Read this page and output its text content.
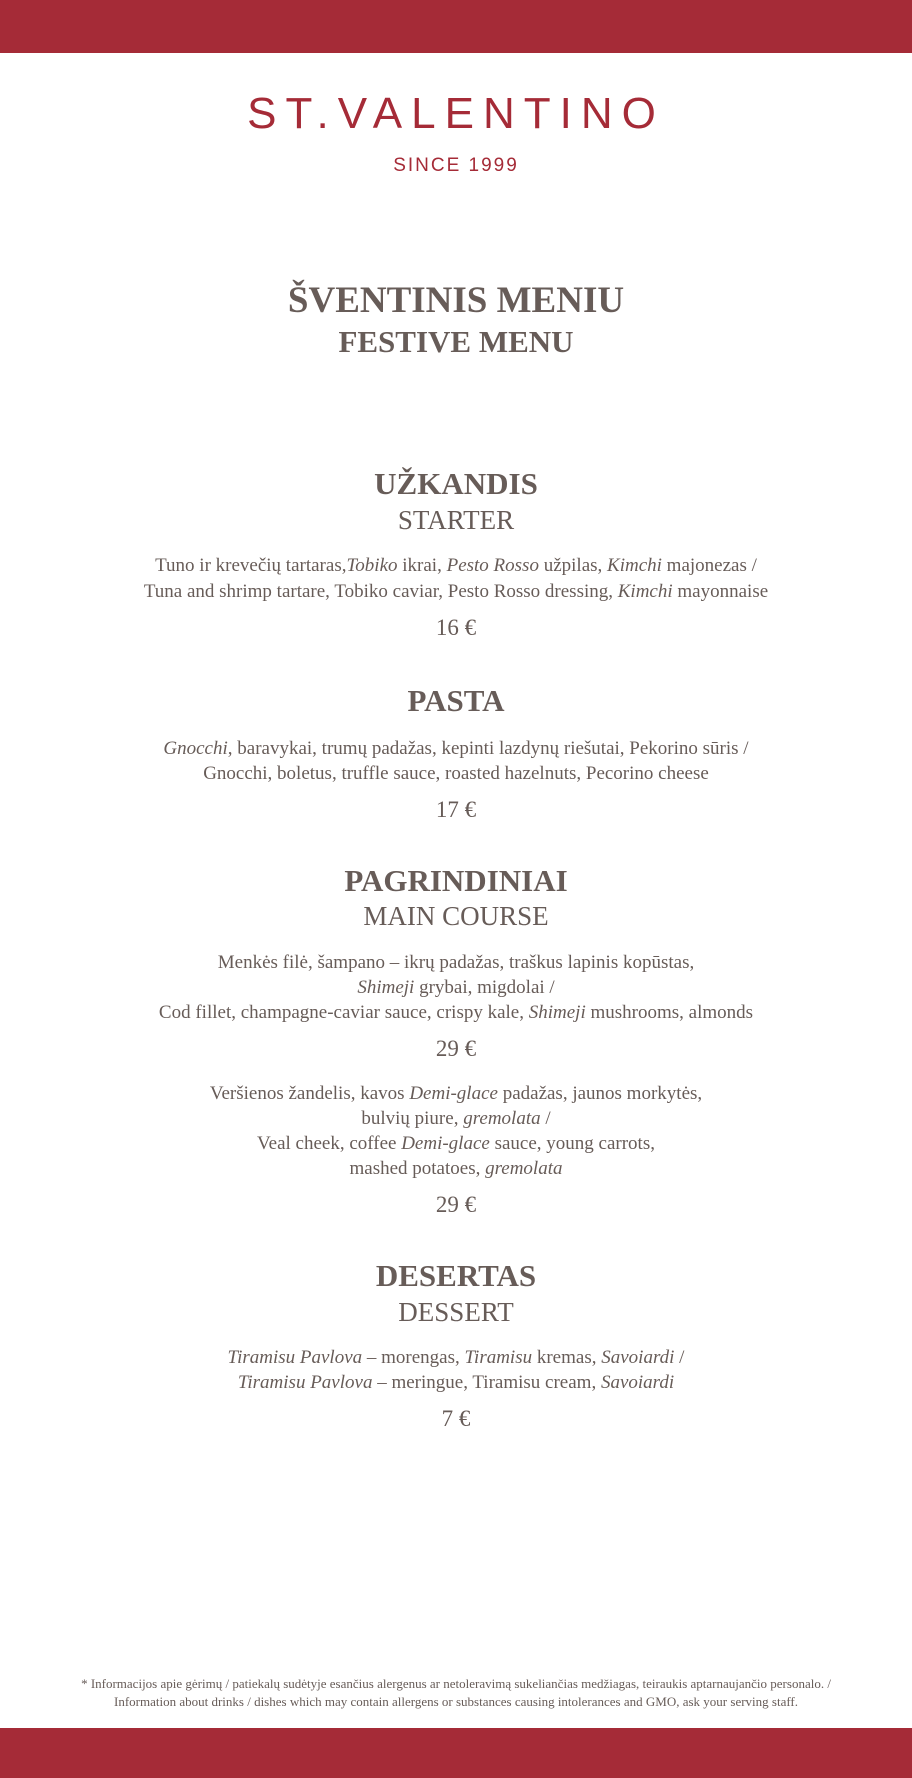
ST.VALENTINO
SINCE 1999
ŠVENTINIS MENIU
FESTIVE MENU
UŽKANDIS
STARTER
Tuno ir krevečių tartaras,Tobiko ikrai, Pesto Rosso užpilas, Kimchi majonezas /
Tuna and shrimp tartare, Tobiko caviar, Pesto Rosso dressing, Kimchi mayonnaise
16 €
PASTA
Gnocchi, baravykai, trumų padažas, kepinti lazdynų riešutai, Pekorino sūris /
Gnocchi, boletus, truffle sauce, roasted hazelnuts, Pecorino cheese
17 €
PAGRINDINIAI
MAIN COURSE
Menkės filė, šampano – ikrų padažas, traškus lapinis kopūstas,
Shimeji grybai, migdolai /
Cod fillet, champagne-caviar sauce, crispy kale, Shimeji mushrooms, almonds
29 €
Veršienos žandelis, kavos Demi-glace padažas, jaunos morkytės,
bulvių piure, gremolata /
Veal cheek, coffee Demi-glace sauce, young carrots,
mashed potatoes, gremolata
29 €
DESERTAS
DESSERT
Tiramisu Pavlova – morengas, Tiramisu kremas, Savoiardi /
Tiramisu Pavlova – meringue, Tiramisu cream, Savoiardi
7 €
* Informacijos apie gėrimų / patiekalų sudėtyje esančius alergenus ar netoleravimą sukeliančias medžiagas, teiraukis aptarnaujančio personalo. /
Information about drinks / dishes which may contain allergens or substances causing intolerances and GMO, ask your serving staff.
